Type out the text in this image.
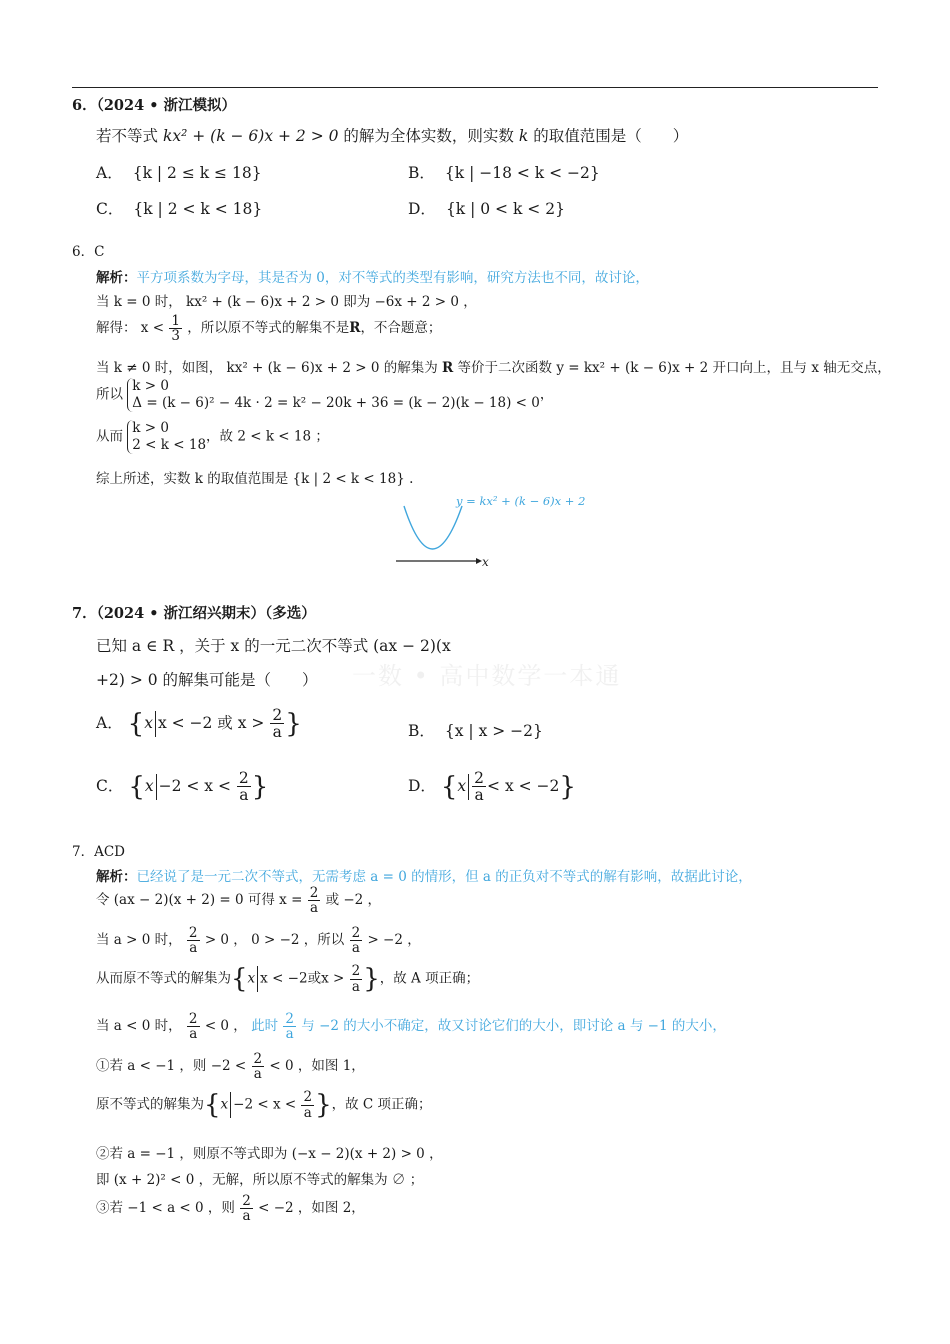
6．（2024 • 浙江模拟）
若不等式 kx² + (k − 6)x + 2 > 0 的解为全体实数，则实数 k 的取值范围是（　　）
A． {k | 2 ≤ k ≤ 18}	B． {k | −18 < k < −2}
C． {k | 2 < k < 18}	D． {k | 0 < k < 2}
6．C
解析：平方项系数为字母，其是否为 0，对不等式的类型有影响，研究方法也不同，故讨论，
当 k = 0 时， kx² + (k − 6)x + 2 > 0 即为 −6x + 2 > 0 ，
解得： $x < \frac{1}{3}$ ，所以原不等式的解集不是R，不合题意；
当 k ≠ 0 时，如图， kx² + (k − 6)x + 2 > 0 的解集为 R 等价于二次函数 y = kx² + (k − 6)x + 2 开口向上，且与 x 轴无交点，
所以
k > 0
Δ = (k − 6)² − 4k · 2 = k² − 20k + 36 = (k − 2)(k − 18) < 0
，
从而
k > 0
2 < k < 18
，故 2 < k < 18 ；
综上所述，实数 k 的取值范围是 {k | 2 < k < 18} .
x
y = kx² + (k − 6)x + 2
7．（2024 • 浙江绍兴期末）（多选）
已知 a ∈ R ，关于 x 的一元二次不等式 (ax − 2)(x
+2) > 0 的解集可能是（　　） 一数 • 高中数学一本通
A． {x x < −2 或 $x > \frac{2}{a}$ }	B． {x | x > −2}
C． {$x -2 < x < \frac{2}{a}$ }	D． $\{x \frac{2}{a} < x < -2\}$
7．ACD
解析：已经说了是一元二次不等式，无需考虑 a = 0 的情形，但 a 的正负对不等式的解有影响，故据此讨论，
令 (ax − 2)(x + 2) = 0 可得 $x = \frac{2}{a}$ 或 −2 ，
当 a > 0 时， $\frac{2}{a} > 0$ ， 0 > −2 ，所以 $\frac{2}{a} > -2$ ，
从而原不等式的解集为{x x < −2或$x > \frac{2}{a}$ }，故 A 项正确；
当 a < 0 时， $\frac{2}{a} < 0$ ， 此时 $\frac{2}{a}$ 与 −2 的大小不确定，故又讨论它们的大小，即讨论 a 与 −1 的大小，
①若 a < −1 ，则 $-2 < \frac{2}{a} < 0$ ，如图 1，
原不等式的解集为{$x -2 < x < \frac{2}{a}$ }，故 C 项正确；
②若 a = −1 ，则原不等式即为 (−x − 2)(x + 2) > 0 ，
即 (x + 2)² < 0 ，无解，所以原不等式的解集为 ∅ ；
③若 −1 < a < 0 ，则 $\frac{2}{a} < -2$ ，如图 2，
